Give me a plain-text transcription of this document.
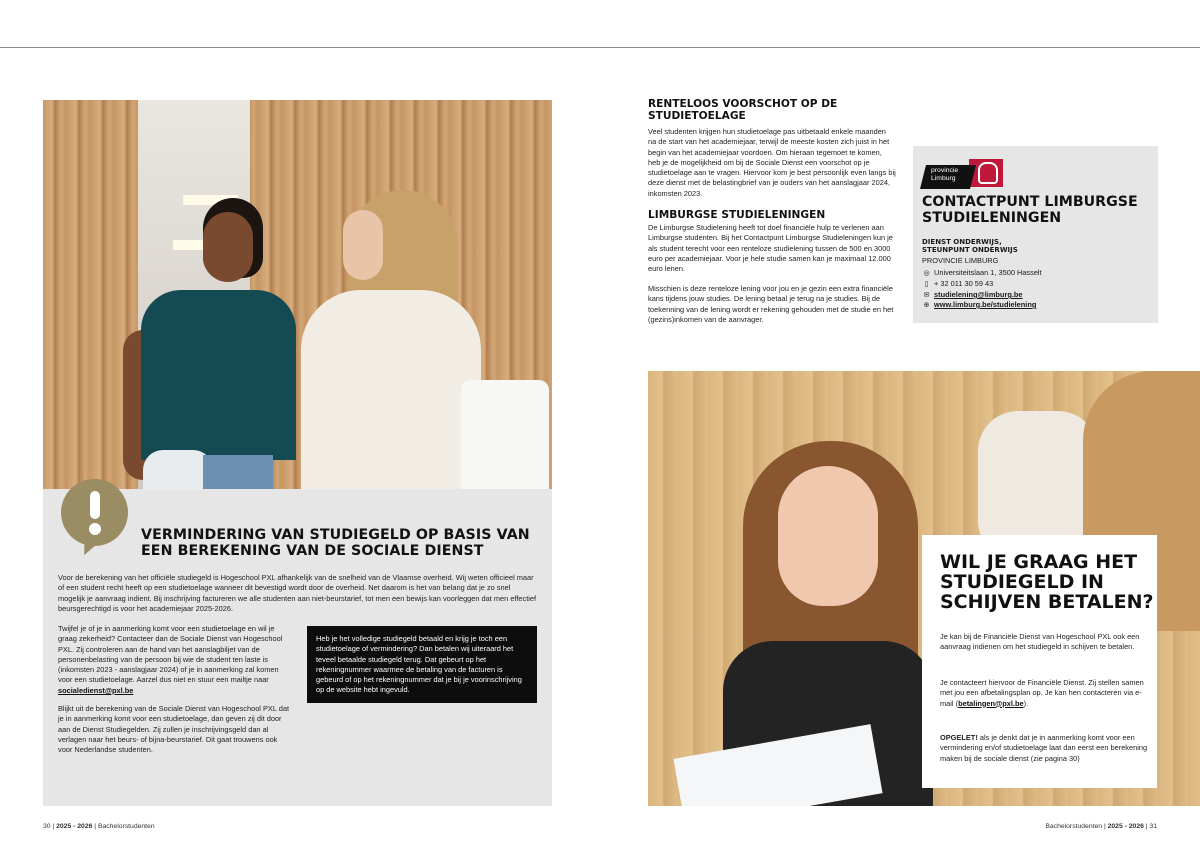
VERMINDERING VAN STUDIEGELD OP BASIS VAN EEN BEREKENING VAN DE SOCIALE DIENST
Voor de berekening van het officiële studiegeld is Hogeschool PXL afhankelijk van de snelheid van de Vlaamse overheid. Wij weten officieel maar of een student recht heeft op een studietoelage wanneer dit bevestigd wordt door de overheid. Net daarom is het van belang dat je zo snel mogelijk je aanvraag indient. Bij inschrijving factureren we alle studenten aan niet-beurstarief, tot men een bewijs kan voorleggen dat men effectief beursgerechtigd is voor het academiejaar 2025-2026.
Twijfel je of je in aanmerking komt voor een studietoelage en wil je graag zekerheid? Contacteer dan de Sociale Dienst van Hogeschool PXL. Zij controleren aan de hand van het aanslagbiljet van de personenbelasting van de persoon bij wie de student ten laste is (inkomsten 2023 - aanslagjaar 2024) of je in aanmerking zal komen voor een studietoelage. Aarzel dus niet en stuur een mailtje naar socialedienst@pxl.be
Blijkt uit de berekening van de Sociale Dienst van Hogeschool PXL dat je in aanmerking komt voor een studietoelage, dan geven zij dit door aan de Dienst Studiegelden. Zij zullen je inschrijvingsgeld dan al verlagen naar het beurs- of bijna-beurstarief. Dit gaat trouwens ook voor Nederlandse studenten.
Heb je het volledige studiegeld betaald en krijg je toch een studietoelage of vermindering? Dan betalen wij uiteraard het teveel betaalde studiegeld terug. Dat gebeurt op het rekeningnummer waarmee de betaling van de facturen is gebeurd of op het rekeningnummer dat je bij je voorinschrijving op de website hebt ingevuld.
RENTELOOS VOORSCHOT OP DE STUDIETOELAGE
Veel studenten krijgen hun studietoelage pas uitbetaald enkele maanden na de start van het academiejaar, terwijl de meeste kosten zich juist in het begin van het academiejaar voordoen. Om hieraan tegemoet te komen, heb je de mogelijkheid om bij de Sociale Dienst een voorschot op je studietoelage aan te vragen. Hiervoor kom je best persoonlijk even langs bij deze dienst met de belastingbrief van je ouders van het aanslagjaar 2024, inkomsten 2023.
LIMBURGSE STUDIELENINGEN
De Limburgse Studielening heeft tot doel financiële hulp te verlenen aan Limburgse studenten. Bij het Contactpunt Limburgse Studieleningen kun je als student terecht voor een renteloze studielening tussen de 500 en 3000 euro per academiejaar. Voor je hele studie samen kan je maximaal 12.000 euro lenen.
Misschien is deze renteloze lening voor jou en je gezin een extra financiële kans tijdens jouw studies. De lening betaal je terug na je studies. Bij de toekenning van de lening wordt er rekening gehouden met de studie en het (gezins)inkomen van de aanvrager.
provincie
Limburg
CONTACTPUNT LIMBURGSE STUDIELENINGEN
DIENST ONDERWIJS,
STEUNPUNT ONDERWIJS
PROVINCIE LIMBURG
◎ Universiteitslaan 1, 3500 Hasselt
▯ + 32 011 30 59 43
✉ studielening@limburg.be
⊕ www.limburg.be/studielening
WIL JE GRAAG HET STUDIEGELD IN SCHIJVEN BETALEN?
Je kan bij de Financiële Dienst van Hogeschool PXL ook een aanvraag indienen om het studiegeld in schijven te betalen.
Je contacteert hiervoor de Financiële Dienst. Zij stellen samen met jou een afbetalingsplan op. Je kan hen contacteren via e-mail (betalingen@pxl.be).
OPGELET! als je denkt dat je in aanmerking komt voor een vermindering en/of studietoelage laat dan eerst een berekening maken bij de sociale dienst (zie pagina 30)
30 | 2025 - 2026 | Bachelorstudenten	Bachelorstudenten | 2025 - 2026 | 31
